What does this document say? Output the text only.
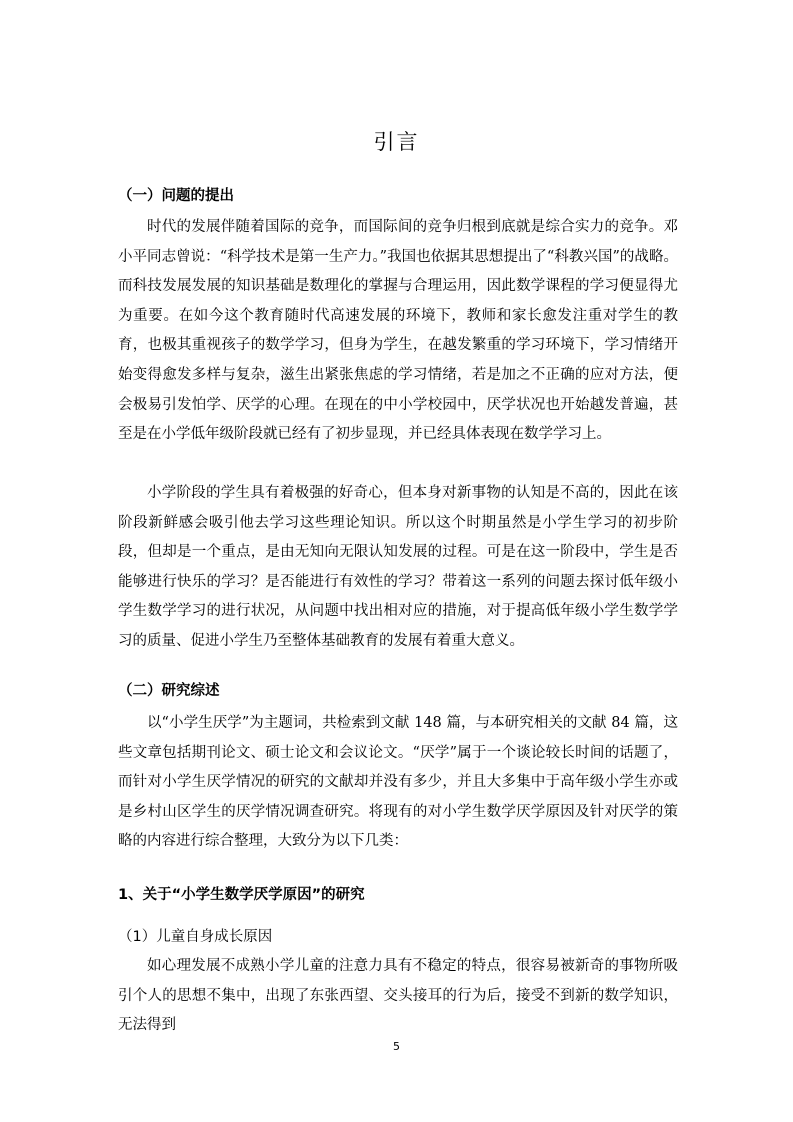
引言
（一）问题的提出

时代的发展伴随着国际的竞争，而国际间的竞争归根到底就是综合实力的竞争。邓小平同志曾说：“科学技术是第一生产力。”我国也依据其思想提出了“科教兴国”的战略。而科技发展发展的知识基础是数理化的掌握与合理运用，因此数学课程的学习便显得尤为重要。在如今这个教育随时代高速发展的环境下，教师和家长愈发注重对学生的教育，也极其重视孩子的数学学习，但身为学生，在越发繁重的学习环境下，学习情绪开始变得愈发多样与复杂，滋生出紧张焦虑的学习情绪，若是加之不正确的应对方法，便会极易引发怕学、厌学的心理。在现在的中小学校园中，厌学状况也开始越发普遍，甚至是在小学低年级阶段就已经有了初步显现，并已经具体表现在数学学习上。

小学阶段的学生具有着极强的好奇心，但本身对新事物的认知是不高的，因此在该阶段新鲜感会吸引他去学习这些理论知识。所以这个时期虽然是小学生学习的初步阶段，但却是一个重点，是由无知向无限认知发展的过程。可是在这一阶段中，学生是否能够进行快乐的学习？是否能进行有效性的学习？带着这一系列的问题去探讨低年级小学生数学学习的进行状况，从问题中找出相对应的措施，对于提高低年级小学生数学学习的质量、促进小学生乃至整体基础教育的发展有着重大意义。

（二）研究综述

以“小学生厌学”为主题词，共检索到文献 148 篇，与本研究相关的文献 84 篇，这些文章包括期刊论文、硕士论文和会议论文。“厌学”属于一个谈论较长时间的话题了，而针对小学生厌学情况的研究的文献却并没有多少，并且大多集中于高年级小学生亦或是乡村山区学生的厌学情况调查研究。将现有的对小学生数学厌学原因及针对厌学的策略的内容进行综合整理，大致分为以下几类：

1、关于“小学生数学厌学原因”的研究
（1）儿童自身成长原因

如心理发展不成熟小学儿童的注意力具有不稳定的特点，很容易被新奇的事物所吸引个人的思想不集中，出现了东张西望、交头接耳的行为后，接受不到新的数学知识，无法得到

5
